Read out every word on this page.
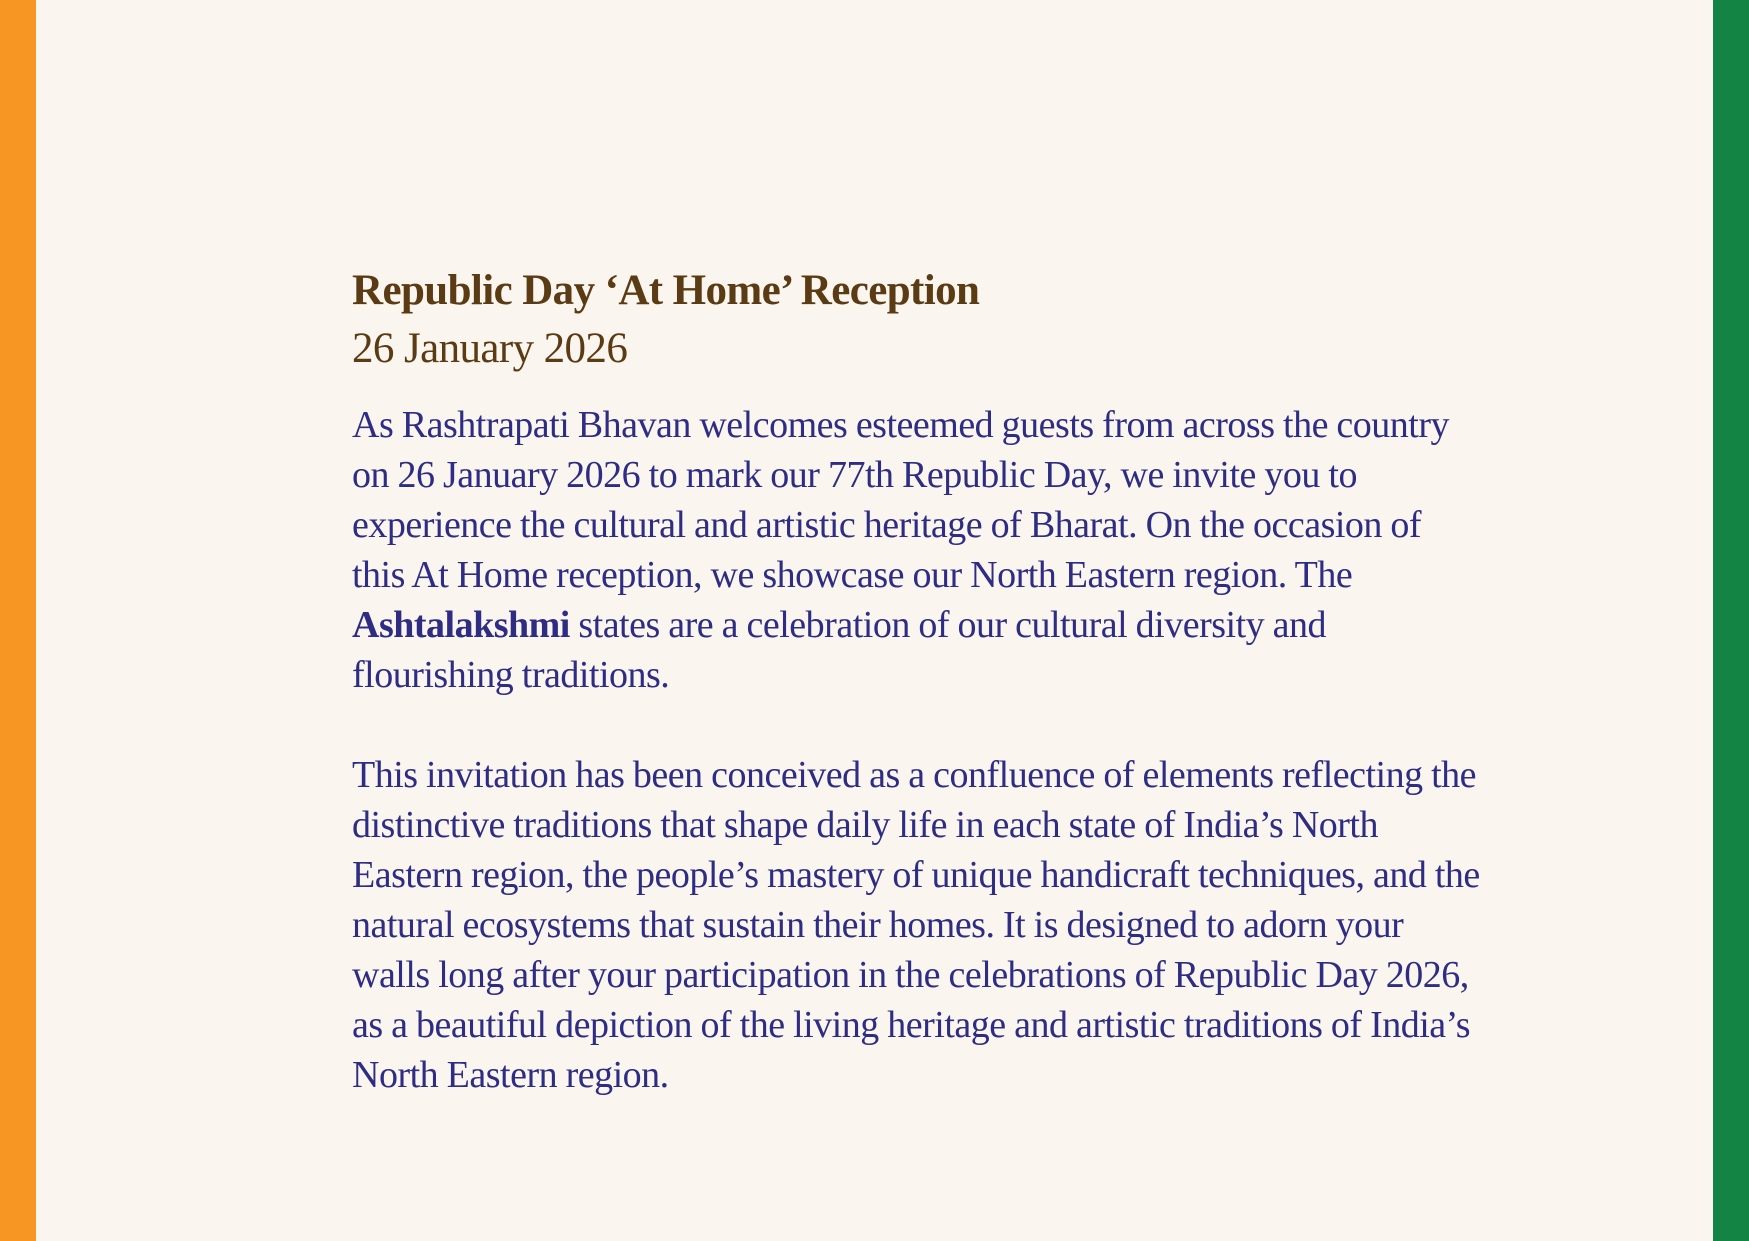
Republic Day ‘At Home’ Reception
26 January 2026

As Rashtrapati Bhavan welcomes esteemed guests from across the country on 26 January 2026 to mark our 77th Republic Day, we invite you to experience the cultural and artistic heritage of Bharat. On the occasion of this At Home reception, we showcase our North Eastern region. The Ashtalakshmi states are a celebration of our cultural diversity and flourishing traditions.

This invitation has been conceived as a confluence of elements reflecting the distinctive traditions that shape daily life in each state of India’s North Eastern region, the people’s mastery of unique handicraft techniques, and the natural ecosystems that sustain their homes. It is designed to adorn your walls long after your participation in the celebrations of Republic Day 2026, as a beautiful depiction of the living heritage and artistic traditions of India’s North Eastern region.
